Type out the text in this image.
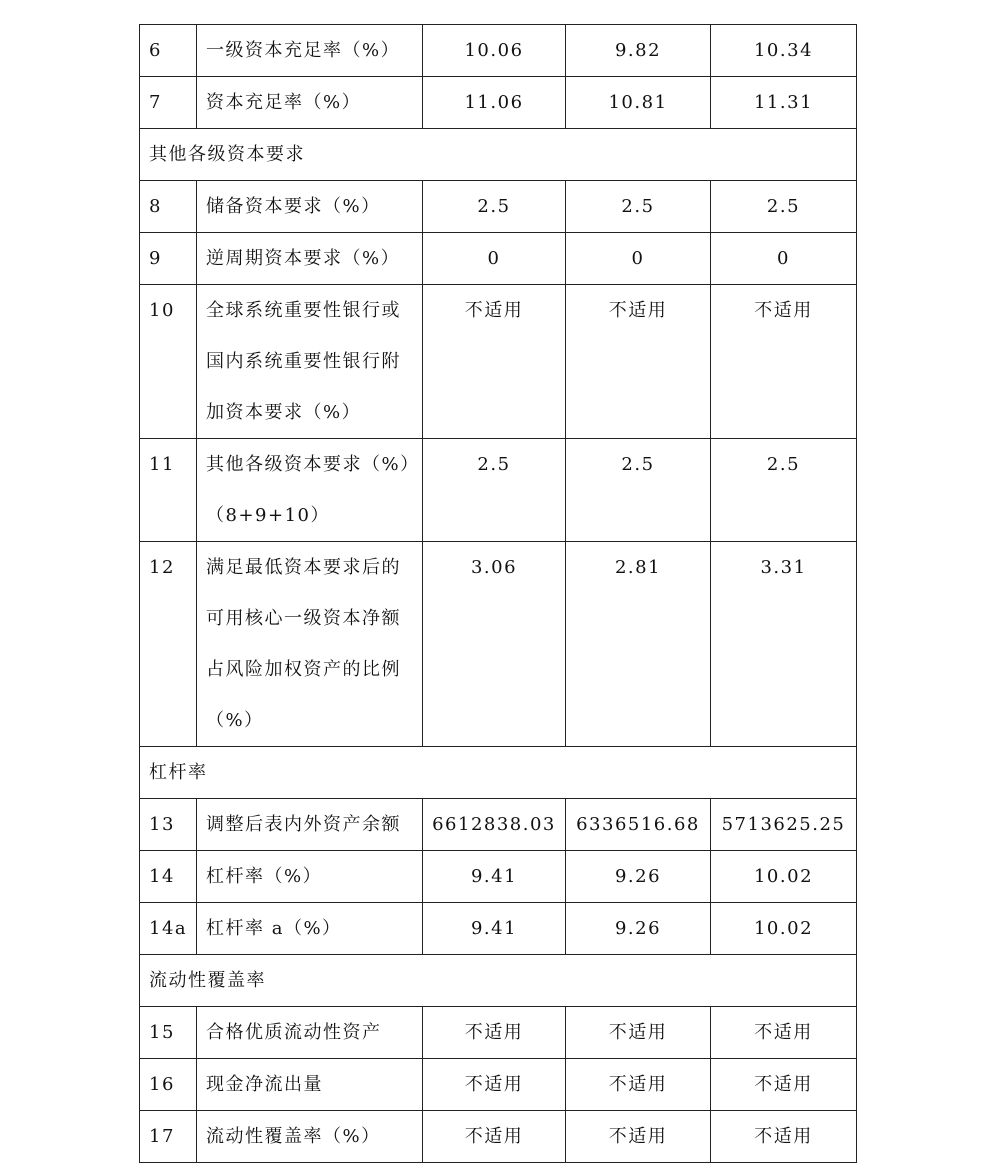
6	一级资本充足率（%）	10.06	9.82	10.34

7	资本充足率（%）	11.06	10.81	11.31

其他各级资本要求				

8	储备资本要求（%）	2.5	2.5	2.5

9	逆周期资本要求（%）	0	0	0

10	全球系统重要性银行或
国内系统重要性银行附
加资本要求（%）	不适用	不适用	不适用

11	其他各级资本要求（%）
（8+9+10）	2.5	2.5	2.5

12	满足最低资本要求后的
可用核心一级资本净额
占风险加权资产的比例
（%）	3.06	2.81	3.31

杠杆率				

13	调整后表内外资产余额	6612838.03	6336516.68	5713625.25

14	杠杆率（%）	9.41	9.26	10.02

14a	杠杆率 a（%）	9.41	9.26	10.02

流动性覆盖率				

15	合格优质流动性资产	不适用	不适用	不适用

16	现金净流出量	不适用	不适用	不适用

17	流动性覆盖率（%）	不适用	不适用	不适用
